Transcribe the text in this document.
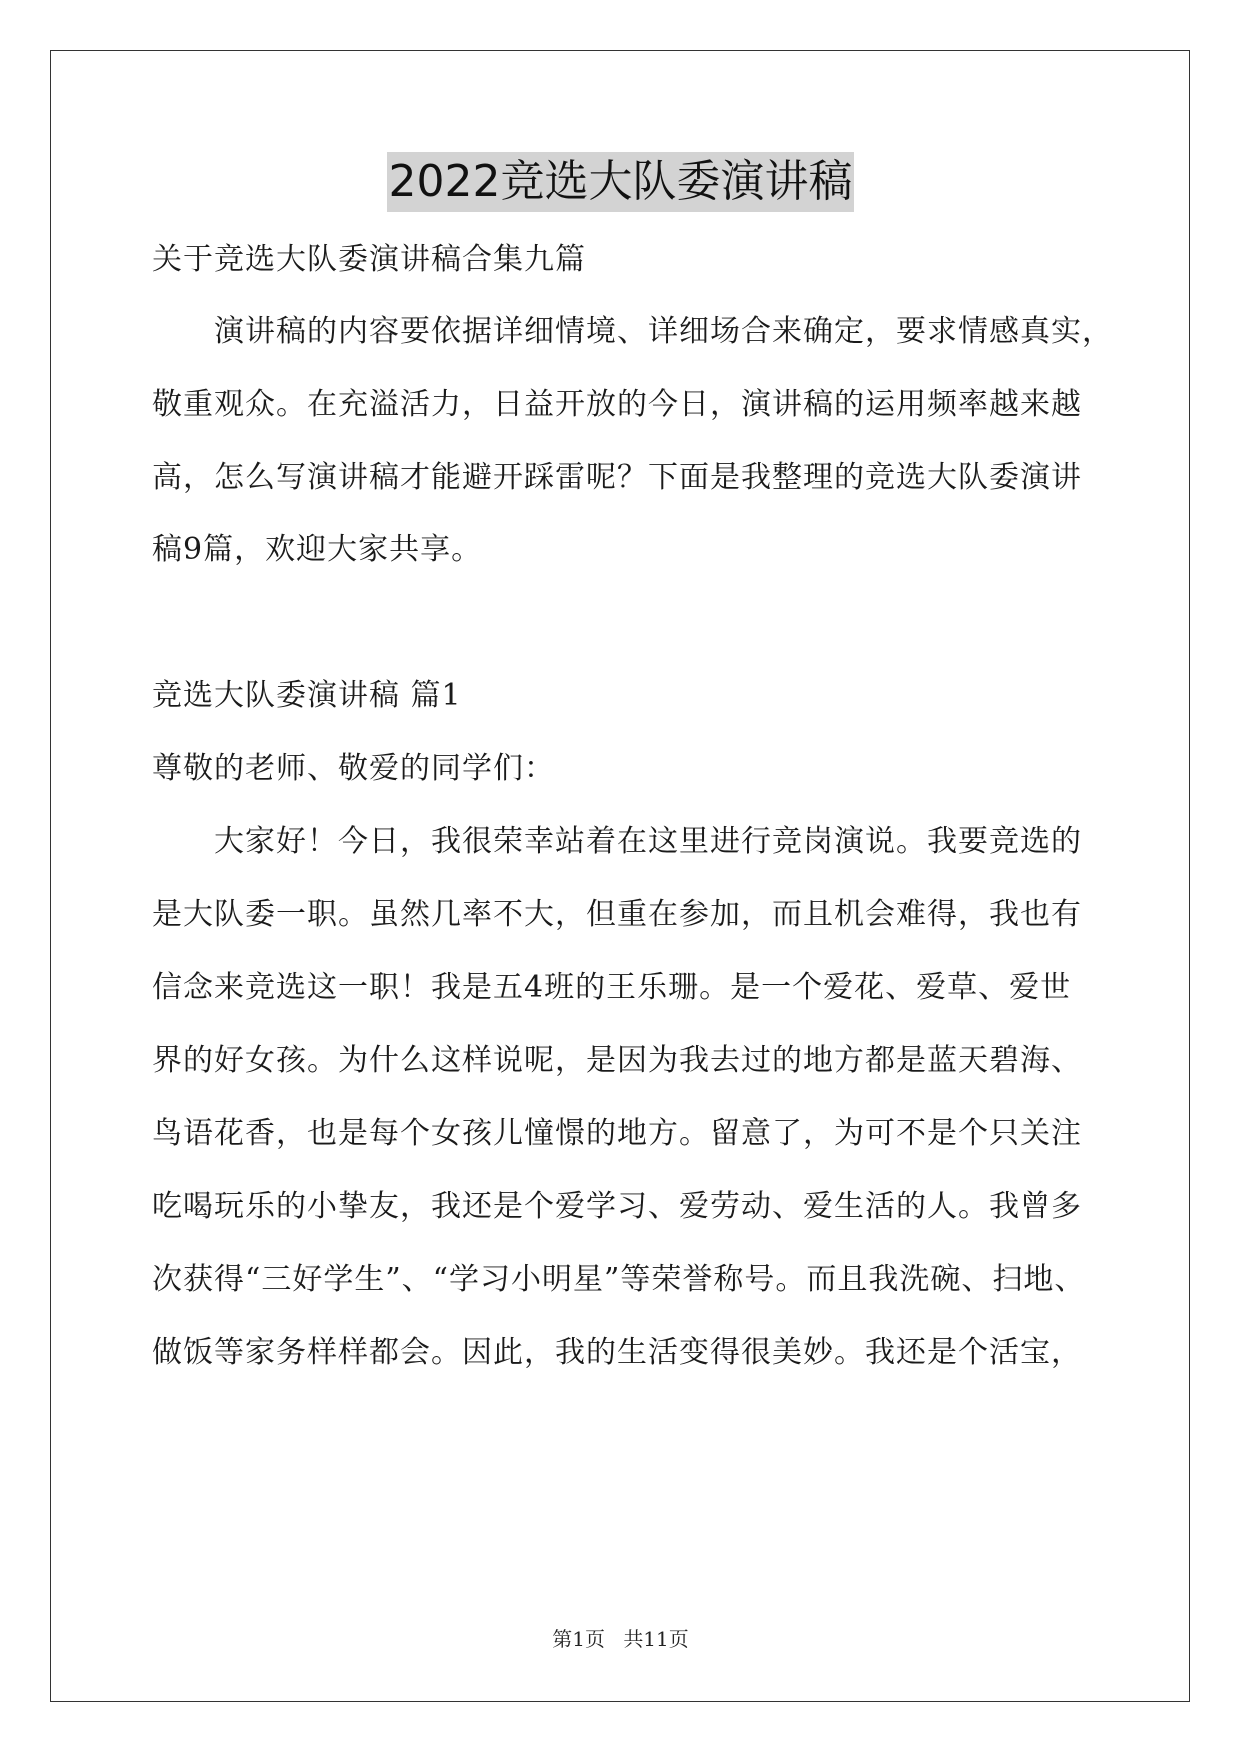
2022竞选大队委演讲稿
关于竞选大队委演讲稿合集九篇
演讲稿的内容要依据详细情境、详细场合来确定，要求情感真实，
敬重观众。在充溢活力，日益开放的今日，演讲稿的运用频率越来越
高，怎么写演讲稿才能避开踩雷呢？下面是我整理的竞选大队委演讲
稿9篇，欢迎大家共享。
竞选大队委演讲稿 篇1
尊敬的老师、敬爱的同学们：
大家好！今日，我很荣幸站着在这里进行竞岗演说。我要竞选的
是大队委一职。虽然几率不大，但重在参加，而且机会难得，我也有
信念来竞选这一职！我是五4班的王乐珊。是一个爱花、爱草、爱世
界的好女孩。为什么这样说呢，是因为我去过的地方都是蓝天碧海、
鸟语花香，也是每个女孩儿憧憬的地方。留意了，为可不是个只关注
吃喝玩乐的小挚友，我还是个爱学习、爱劳动、爱生活的人。我曾多
次获得“三好学生”、“学习小明星”等荣誉称号。而且我洗碗、扫地、
做饭等家务样样都会。因此，我的生活变得很美妙。我还是个活宝，
第1页 共11页
